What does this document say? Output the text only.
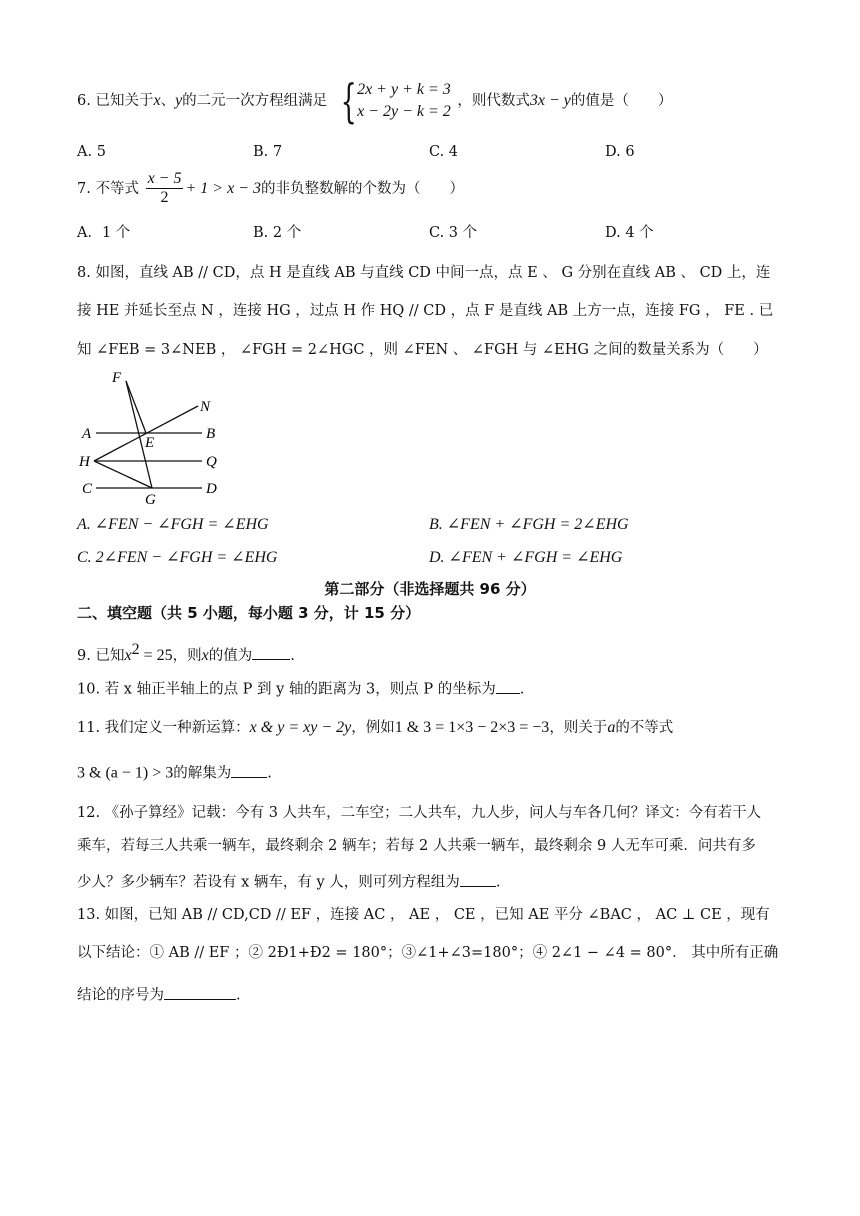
6. 已知关于x、y的二元一次方程组满足 { 2x + y + k = 3
x − 2y − k = 2
，则代数式3x − y的值是（　　）
A. 5	B. 7	C. 4	D. 6
7. 不等式 $\frac{x - 5}{2} + 1 > x - 3$的非负整数解的个数为（　　）
A．1 个	B. 2 个	C. 3 个	D. 4 个
8. 如图，直线 AB // CD，点 H 是直线 AB 与直线 CD 中间一点，点 E 、 G 分别在直线 AB 、 CD 上，连
接 HE 并延长至点 N ，连接 HG ，过点 H 作 HQ // CD ，点 F 是直线 AB 上方一点，连接 FG ， FE . 已
知 ∠FEB = 3∠NEB ， ∠FGH = 2∠HGC ，则 ∠FEN 、 ∠FGH 与 ∠EHG 之间的数量关系为（　　）
F
N
A
E
B
H	Q
C
G
D
A. ∠FEN − ∠FGH = ∠EHG	B. ∠FEN + ∠FGH = 2∠EHG
C. 2∠FEN − ∠FGH = ∠EHG	D. ∠FEN + ∠FGH = ∠EHG
第二部分（非选择题共 96 分）
二、填空题（共 5 小题，每小题 3 分，计 15 分）
9. 已知$x^2 = 25$，则x的值为	.
10. 若 x 轴正半轴上的点 P 到 y 轴的距离为 3，则点 P 的坐标为 .
11. 我们定义一种新运算：x & y = xy − 2y，例如1 & 3 = 1×3 − 2×3 = −3，则关于a的不等式
3 & (a − 1) > 3的解集为 .
12. 《孙子算经》记载：今有 3 人共车，二车空；二人共车，九人步，问人与车各几何？译文：今有若干人
乘车，若每三人共乘一辆车，最终剩余 2 辆车；若每 2 人共乘一辆车，最终剩余 9 人无车可乘．问共有多
少人？多少辆车？若设有 x 辆车，有 y 人，则可列方程组为 .
13. 如图，已知 AB // CD,CD // EF ，连接 AC ， AE ， CE ，已知 AE 平分 ∠BAC ， AC ⊥ CE ，现有
以下结论：① AB // EF ；② 2Ð1+Ð2 = 180°；③∠1+∠3=180°；④ 2∠1 − ∠4 = 80°． 其中所有正确
结论的序号为	.
